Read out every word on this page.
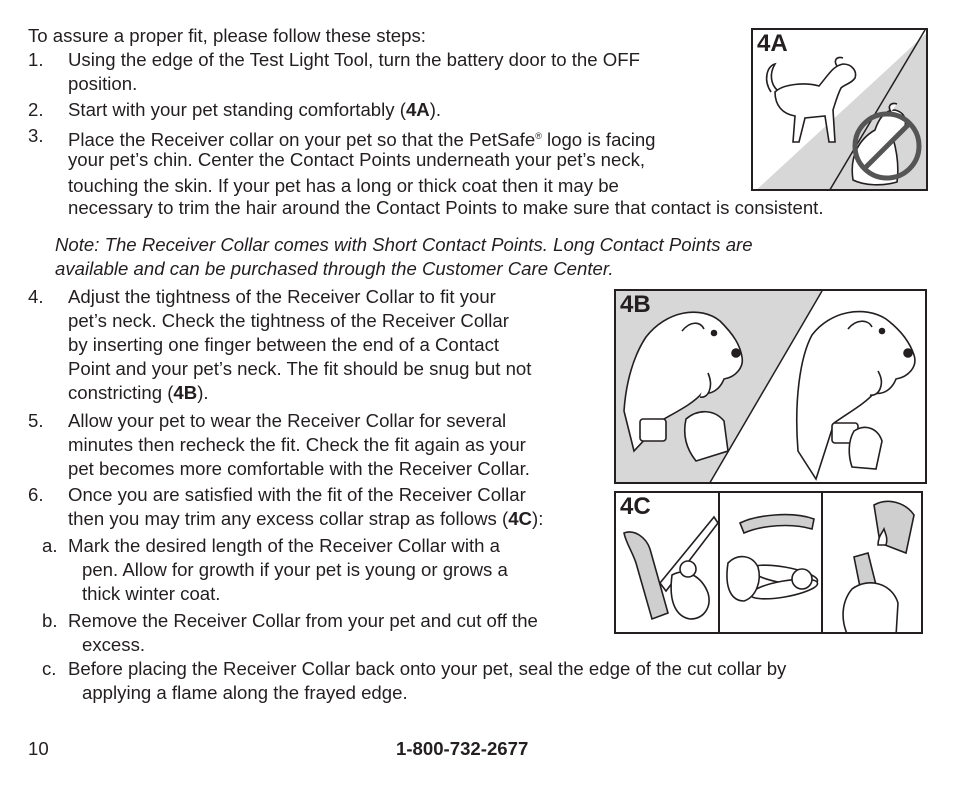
To assure a proper fit, please follow these steps:
1. Using the edge of the Test Light Tool, turn the battery door to the OFF
position.
2. Start with your pet standing comfortably (4A).
3. Place the Receiver collar on your pet so that the PetSafe® logo is facing
your pet’s chin. Center the Contact Points underneath your pet’s neck,
touching the skin. If your pet has a long or thick coat then it may be
necessary to trim the hair around the Contact Points to make sure that contact is consistent.
Note: The Receiver Collar comes with Short Contact Points. Long Contact Points are
available and can be purchased through the Customer Care Center.
4. Adjust the tightness of the Receiver Collar to fit your
pet’s neck. Check the tightness of the Receiver Collar
by inserting one finger between the end of a Contact
Point and your pet’s neck. The fit should be snug but not
constricting (4B).
5. Allow your pet to wear the Receiver Collar for several
minutes then recheck the fit. Check the fit again as your
pet becomes more comfortable with the Receiver Collar.
6. Once you are satisfied with the fit of the Receiver Collar
then you may trim any excess collar strap as follows (4C):
a. Mark the desired length of the Receiver Collar with a
pen. Allow for growth if your pet is young or grows a
thick winter coat.
b. Remove the Receiver Collar from your pet and cut off the
excess.
c. Before placing the Receiver Collar back onto your pet, seal the edge of the cut collar by
applying a flame along the frayed edge.
4A
4B
4C
10	1-800-732-2677
